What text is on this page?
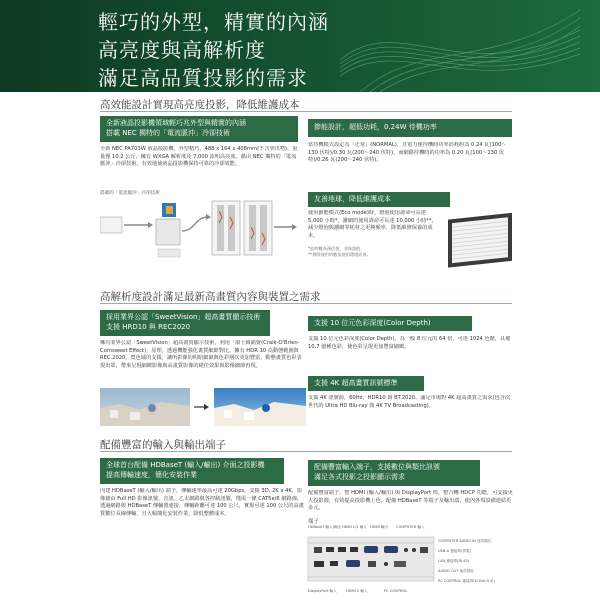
輕巧的外型，精實的內涵
高亮度與高解析度
滿足高品質投影的需求
高效能設計實現高亮度投影，降低維護成本
全新液晶投影機領域輕巧兆外型與精實的內涵
搭載 NEC 獨特的「電流脈沖」冷卻技術
全新 NEC PA703W 液晶投影機，外型精巧，488 x 164 x 408mm(不含突出物)，重量僅 10.2 公斤，擁有 WXGA 解析度及 7,000 流明高亮度。藉由 NEC 獨特的「電流脈沖」冷卻技術，有效地使液晶投影機保持可靠的冷卻效能。
搭載的「電流脈沖」冷卻技術
節能設計，超低功耗，0.24W 待機功率
當待機模式設定為「正常」(NORMAL)，且電力僅待機時功率消耗約為 0.24 瓦(100～130 伏特)/0.30 瓦(200～240 伏特)，而網路待機時的功率為 0.20 瓦(100～130 伏特)/0.26 瓦(200～240 伏特)。
友善地球，降低維護成本
使用節能模式(Eco mode)時，燈泡使用壽命可長達 5,000 小時*，濾網的使用壽命可長達 10,000 小時**，減少燈泡與濾網等耗材之更換頻率，降低維修保養的成本。
*此時數為預估值，非保證值。
**實際使用時數依使用環境而異。
高解析度設計滿足最新高畫質內容與裝置之需求
採用業界公認「SweetVision」超高畫質顯示技術
支援 HRD10 與 REC2020
擁有業界公認「SweetVision」超高畫質顯示技術，利用「康士維錯覺(Craik-O'Brien-Cornsweet Effect)」原理，透過機能強化畫質細節對比，擁有 HDR 10 高動態範圍與 REC.2020，寬色域的支援，讓所影像的明暗細節與色彩層次更加豐富，動態畫質色彩表現出眾，帶來呈現細緻影像與高畫質影像的絕佳效果與影像細節再現。
支援 10 位元色彩深度(Color Depth)
支援 10 位元色彩深度(Color Depth)，為一般 8 位元的 64 倍，可達 1024 色階，具備 10.7 億種色彩，使色彩呈現更加豐富細緻。
支援 4K 超高畫質訊號標準
支援 4K 訊號源，60Hz，HDR10 與 BT.2020，滿足市場對 4K 超高畫質之需求(包含次世代的 Ultra HD Blu-ray 與 4K TV Broadcasting)。
配備豐富的輸入與輸出端子
全球首台配備 HDBaseT (輸入/輸出) 介面之投影機
提高傳輸速度，簡化安裝作業
內建 HDBaseT (輸入/輸出) 端子，傳輸速率最高可達 20Gbps，支援 3D, 2K x 4K，影像藉由 Full HD 影像訊號、音訊、乙太網路與各控制訊號，僅需一條 CAT5e/6 網路線，透過網路與 HDBaseT 傳輸器連接，傳輸距離可達 100 公尺，實現可達 100 公尺的高畫質數位長線傳輸，且大幅簡化安裝作業，降低整體成本。
配備豐富輸入端子，支援數位與類比訊號
滿足各式投影之投影顯示需求
配備豐富端子，整 HDMI (輸入/輸出) 與 DisplayPort 埠，整合轉 HDCP 功能，可支援更大投影源，有效提高投影機上色，配備 HDBaseT 等端子及輸出端，使內各項設備連結更多元。
端子
HDBaseT 輸入/輸出 HDMI 1/2 輸入 HDMI 輸出 COMPUTER 輸入
COMPUTER AUDIO IN 迷你插孔
USB-A 連接埠(供電)
LAN 連接埠(RJ-45)
AUDIO OUT 迷你插孔
PC CONTROL 連接埠(D-Sub 9 針)
DisplayPort 輸入	HDMI 2 輸入	PC CONTROL
